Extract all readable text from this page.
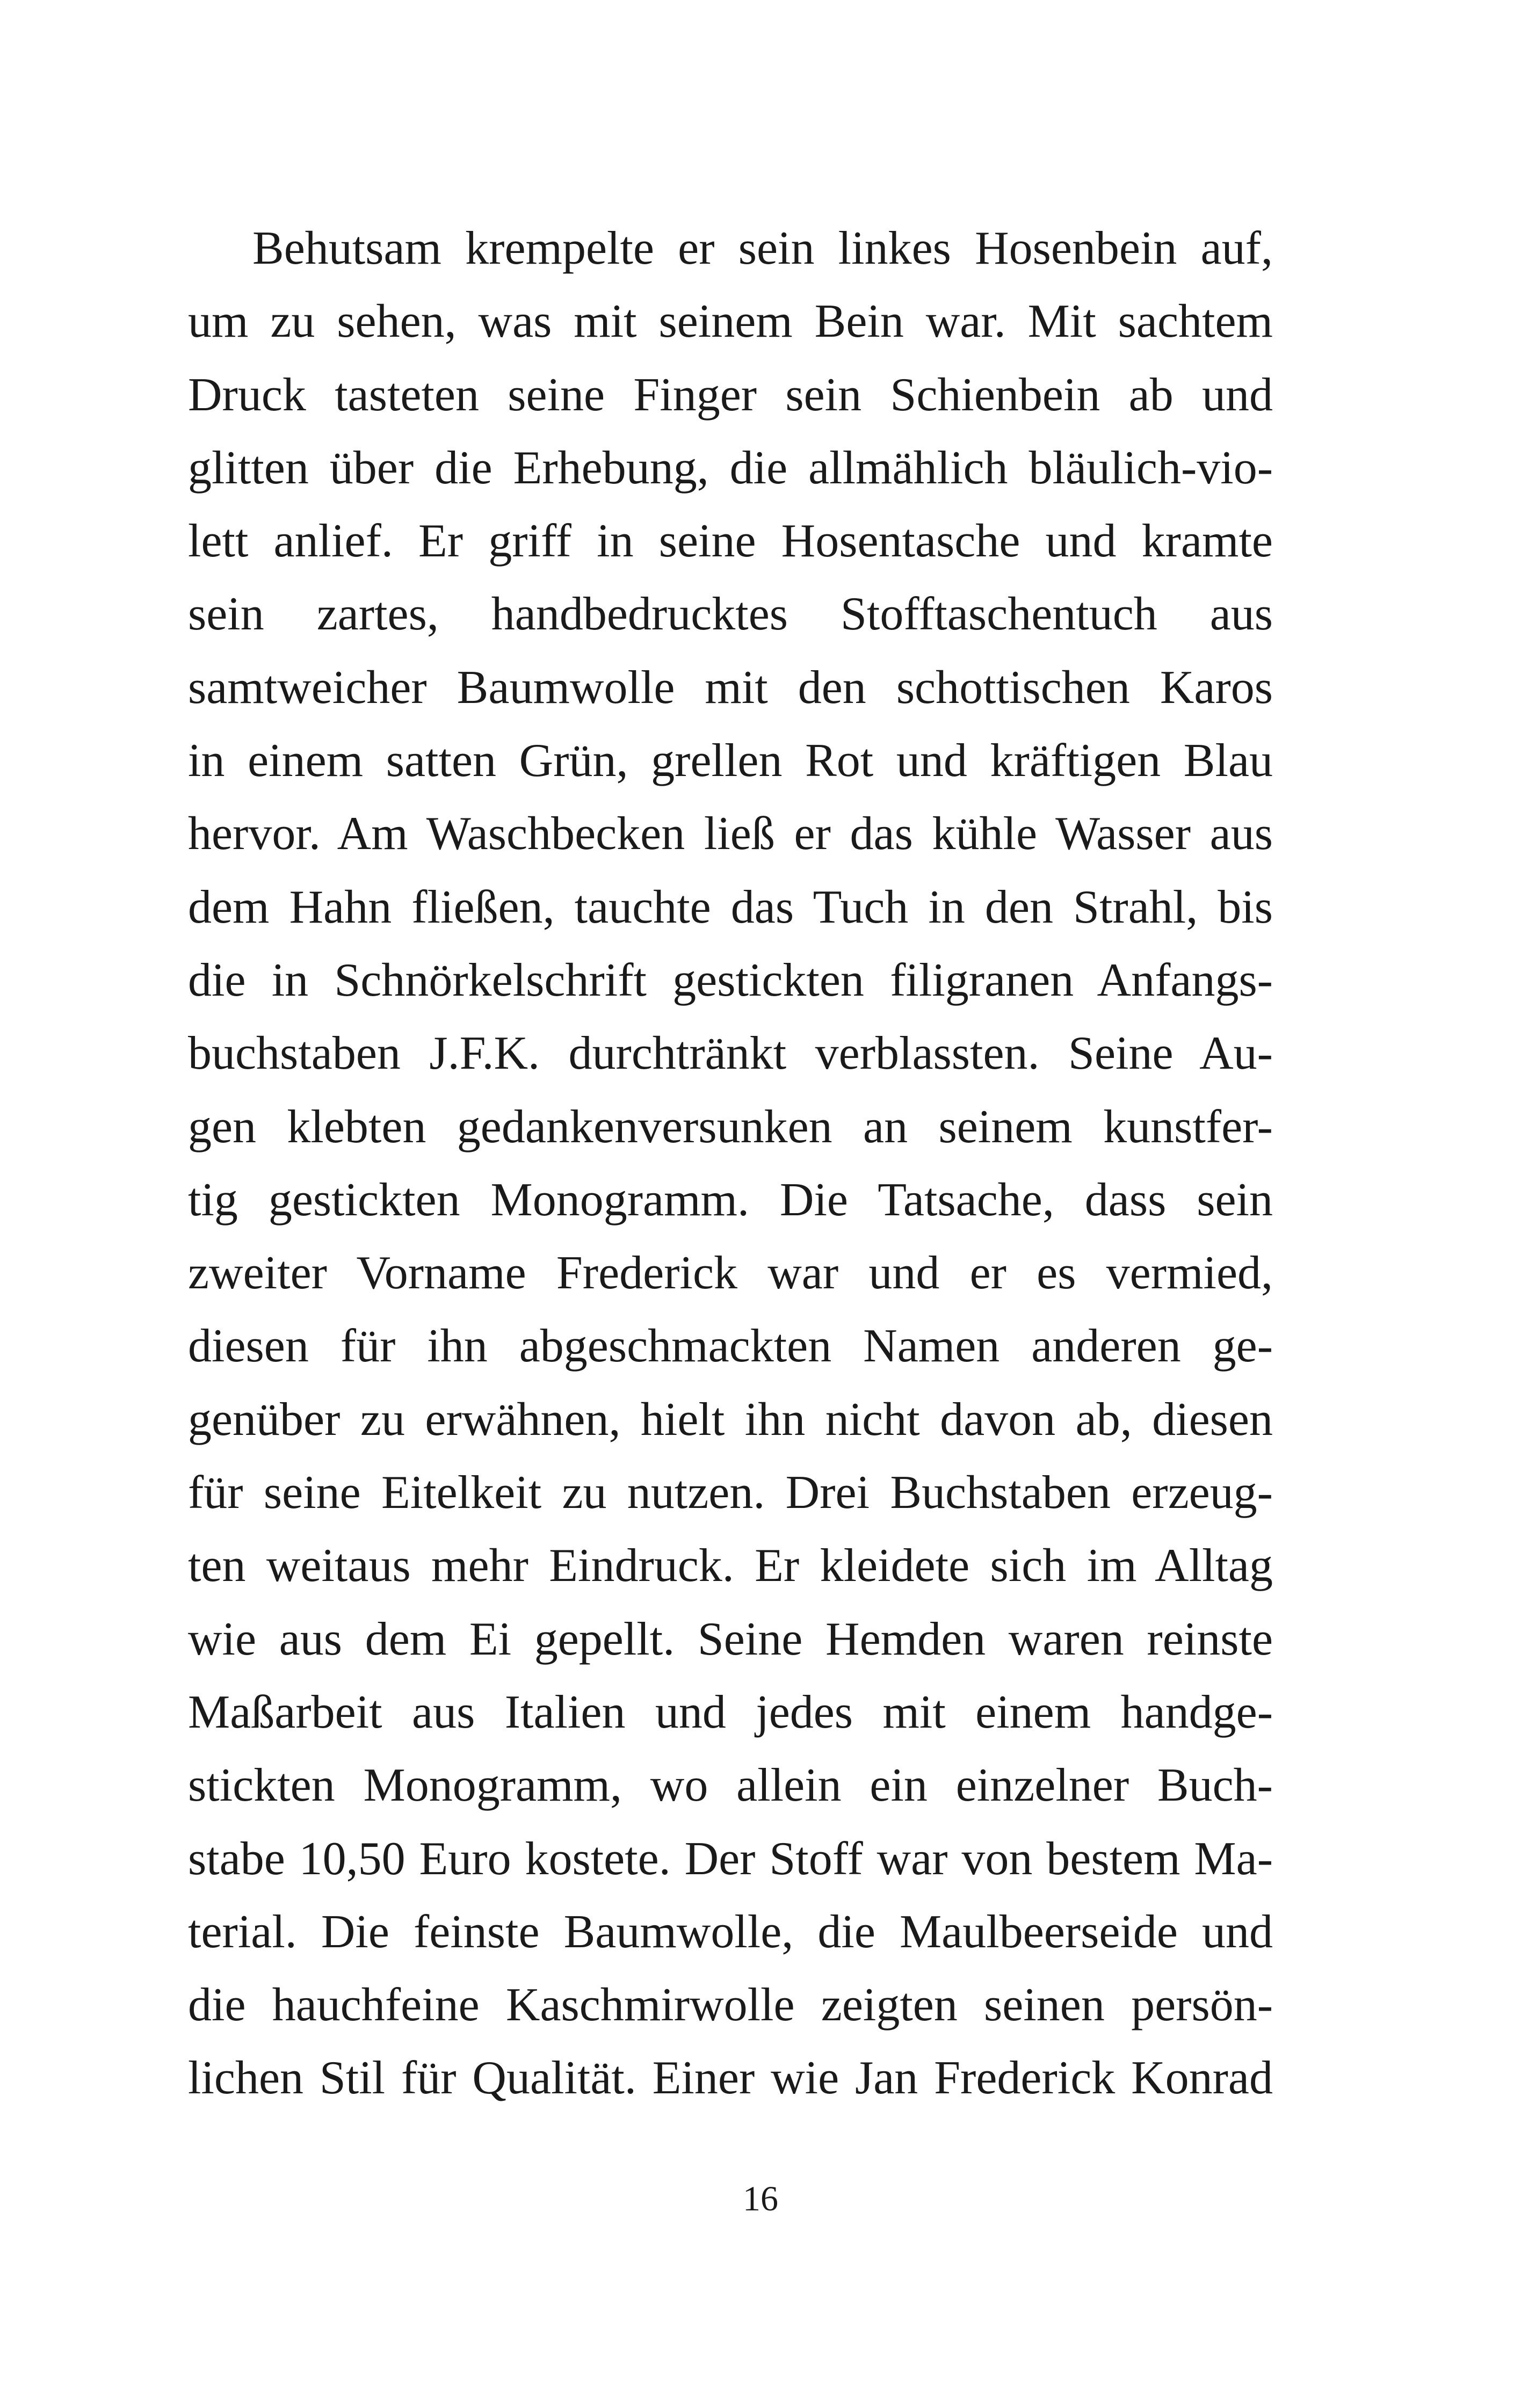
Behutsam krempelte er sein linkes Hosenbein auf,
um zu sehen, was mit seinem Bein war. Mit sachtem
Druck tasteten seine Finger sein Schienbein ab und
glitten über die Erhebung, die allmählich bläulich-vio-
lett anlief. Er griff in seine Hosentasche und kramte
sein zartes, handbedrucktes Stofftaschentuch aus
samtweicher Baumwolle mit den schottischen Karos
in einem satten Grün, grellen Rot und kräftigen Blau
hervor. Am Waschbecken ließ er das kühle Wasser aus
dem Hahn fließen, tauchte das Tuch in den Strahl, bis
die in Schnörkelschrift gestickten filigranen Anfangs-
buchstaben J.F.K. durchtränkt verblassten. Seine Au-
gen klebten gedankenversunken an seinem kunstfer-
tig gestickten Monogramm. Die Tatsache, dass sein
zweiter Vorname Frederick war und er es vermied,
diesen für ihn abgeschmackten Namen anderen ge-
genüber zu erwähnen, hielt ihn nicht davon ab, diesen
für seine Eitelkeit zu nutzen. Drei Buchstaben erzeug-
ten weitaus mehr Eindruck. Er kleidete sich im Alltag
wie aus dem Ei gepellt. Seine Hemden waren reinste
Maßarbeit aus Italien und jedes mit einem handge-
stickten Monogramm, wo allein ein einzelner Buch-
stabe 10,50 Euro kostete. Der Stoff war von bestem Ma-
terial. Die feinste Baumwolle, die Maulbeerseide und
die hauchfeine Kaschmirwolle zeigten seinen persön-
lichen Stil für Qualität. Einer wie Jan Frederick Konrad
16
